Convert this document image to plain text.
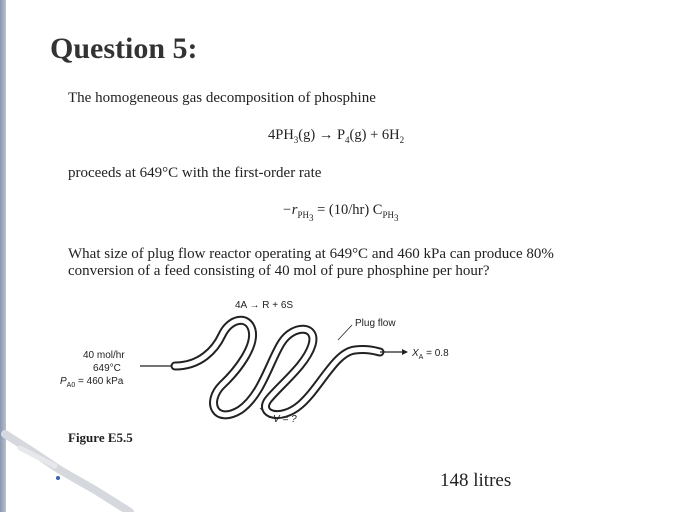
Question 5:
The homogeneous gas decomposition of phosphine
$4PH_3(g) \to P_4(g) + 6H_2$
proceeds at 649°C with the first-order rate
$-r_{PH_3} = (10/hr)$ $C_{PH_3}$
What size of plug flow reactor operating at 649°C and 460 kPa can produce 80%
conversion of a feed consisting of 40 mol of pure phosphine per hour?
4A → R + 6S
40 mol/hr
649°C
$P_{A0} = 460$ kPa
$X_A = 0.8$
Plug flow
V = ?
Figure E5.5
148 litres
